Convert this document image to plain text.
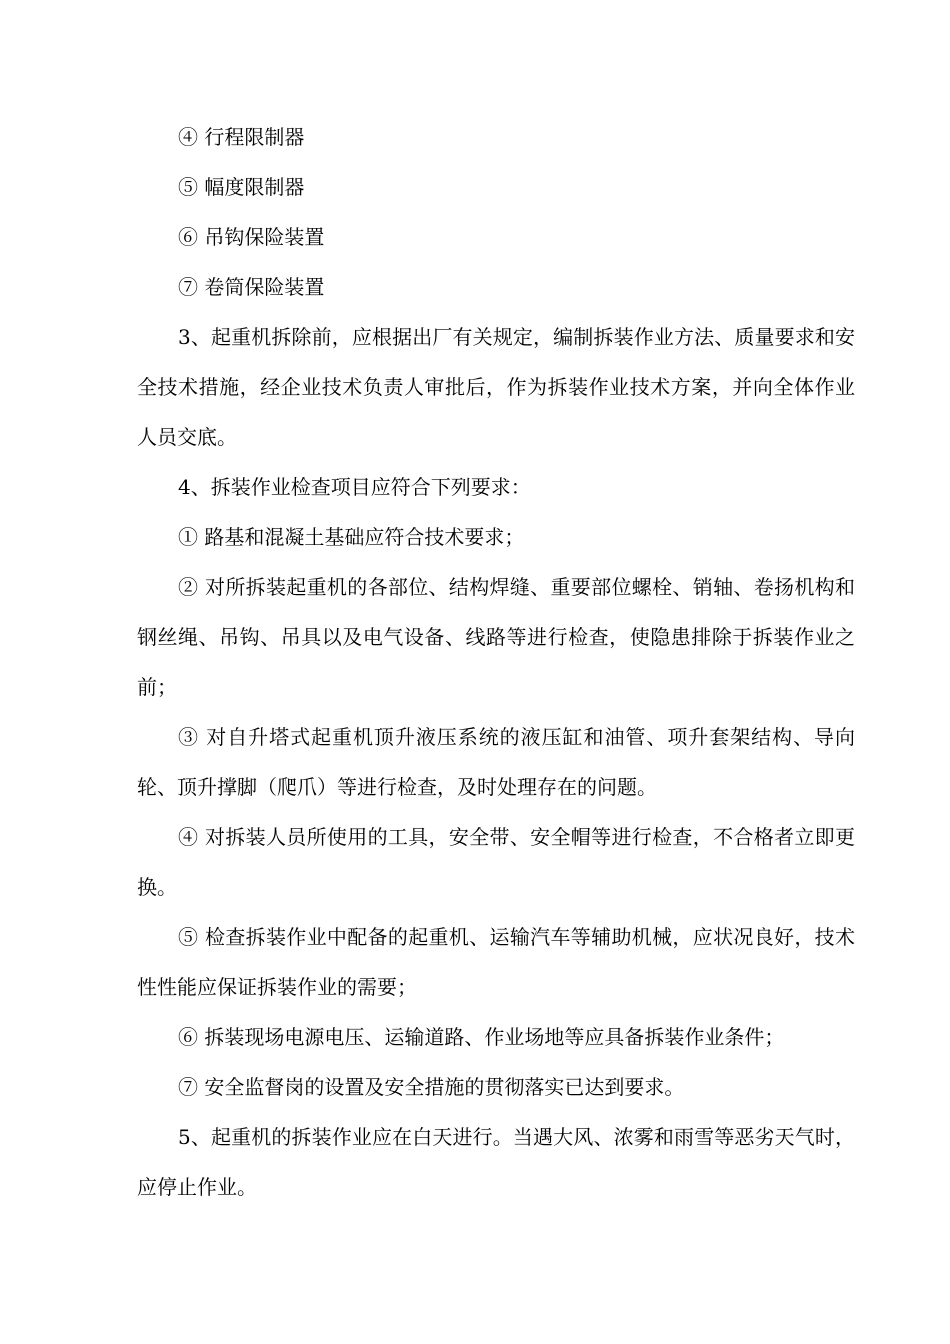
④ 行程限制器

⑤ 幅度限制器

⑥ 吊钩保险装置

⑦ 卷筒保险装置

3、起重机拆除前，应根据出厂有关规定，编制拆装作业方法、质量要求和安全技术措施，经企业技术负责人审批后，作为拆装作业技术方案，并向全体作业人员交底。

4、拆装作业检查项目应符合下列要求：

① 路基和混凝土基础应符合技术要求；

② 对所拆装起重机的各部位、结构焊缝、重要部位螺栓、销轴、卷扬机构和钢丝绳、吊钩、吊具以及电气设备、线路等进行检查，使隐患排除于拆装作业之前；

③ 对自升塔式起重机顶升液压系统的液压缸和油管、项升套架结构、导向轮、顶升撑脚（爬爪）等进行检查，及时处理存在的问题。

④ 对拆装人员所使用的工具，安全带、安全帽等进行检查，不合格者立即更换。

⑤ 检查拆装作业中配备的起重机、运输汽车等辅助机械，应状况良好，技术性性能应保证拆装作业的需要；

⑥ 拆装现场电源电压、运输道路、作业场地等应具备拆装作业条件；

⑦ 安全监督岗的设置及安全措施的贯彻落实已达到要求。

5、起重机的拆装作业应在白天进行。当遇大风、浓雾和雨雪等恶劣天气时，应停止作业。
